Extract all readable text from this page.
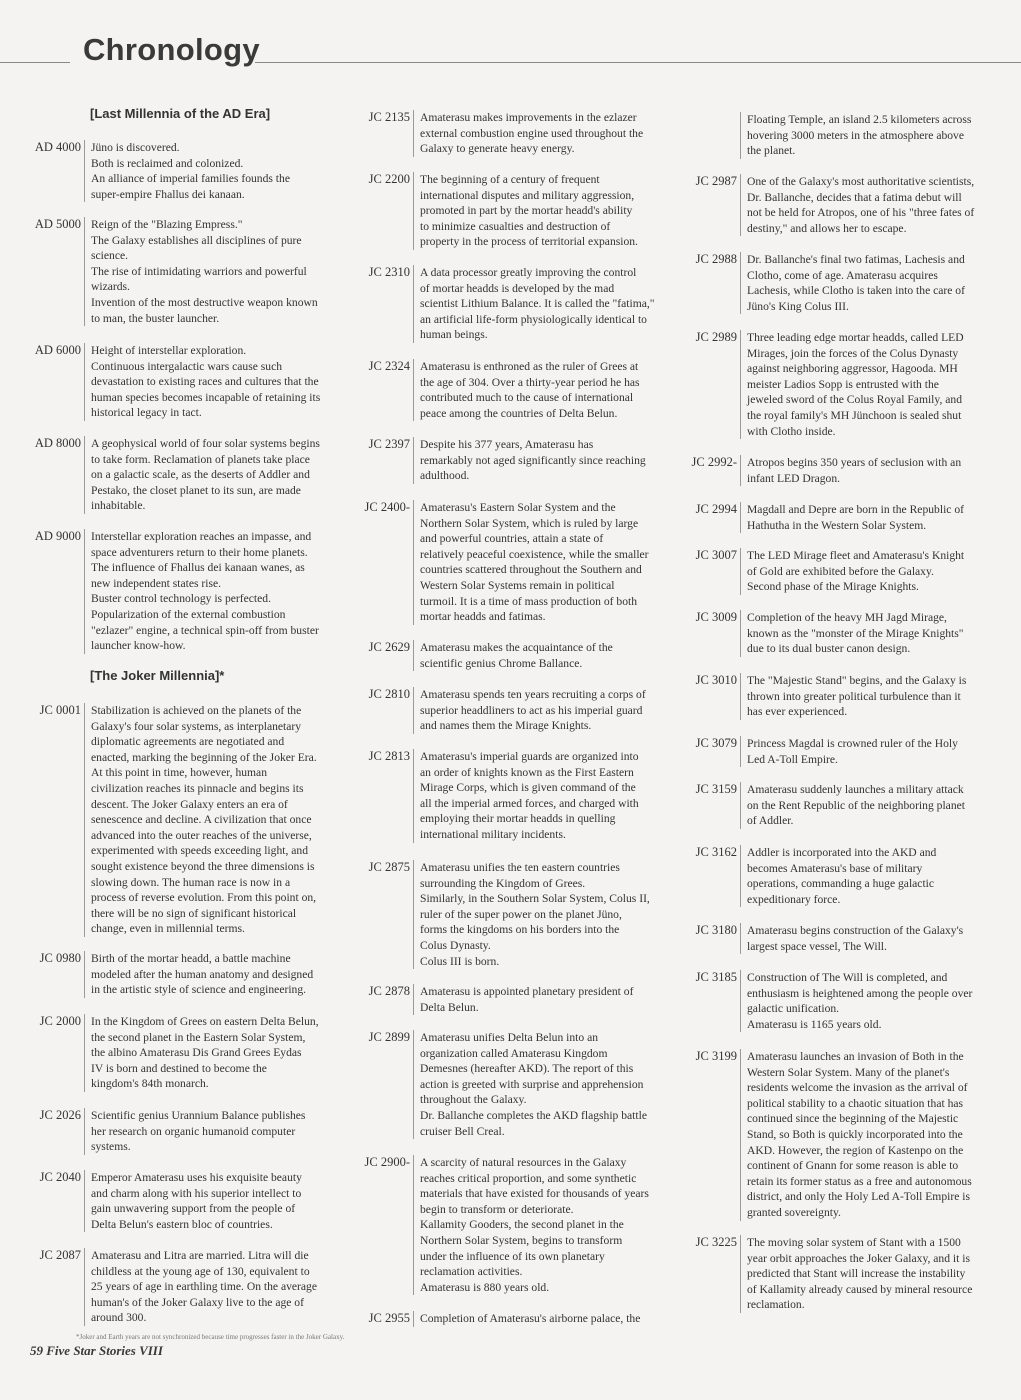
Chronology
[Last Millennia of the AD Era]
[The Joker Millennia]*
AD 4000 Jüno is discovered.
Both is reclaimed and colonized.
An alliance of imperial families founds the
super-empire Fhallus dei kanaan.
AD 5000 Reign of the "Blazing Empress."
The Galaxy establishes all disciplines of pure
science.
The rise of intimidating warriors and powerful
wizards.
Invention of the most destructive weapon known
to man, the buster launcher.
AD 6000 Height of interstellar exploration.
Continuous intergalactic wars cause such
devastation to existing races and cultures that the
human species becomes incapable of retaining its
historical legacy in tact.
AD 8000 A geophysical world of four solar systems begins
to take form. Reclamation of planets take place
on a galactic scale, as the deserts of Addler and
Pestako, the closet planet to its sun, are made
inhabitable.
AD 9000 Interstellar exploration reaches an impasse, and
space adventurers return to their home planets.
The influence of Fhallus dei kanaan wanes, as
new independent states rise.
Buster control technology is perfected.
Popularization of the external combustion
"ezlazer" engine, a technical spin-off from buster
launcher know-how.
JC 0001 Stabilization is achieved on the planets of the
Galaxy's four solar systems, as interplanetary
diplomatic agreements are negotiated and
enacted, marking the beginning of the Joker Era.
At this point in time, however, human
civilization reaches its pinnacle and begins its
descent. The Joker Galaxy enters an era of
senescence and decline. A civilization that once
advanced into the outer reaches of the universe,
experimented with speeds exceeding light, and
sought existence beyond the three dimensions is
slowing down. The human race is now in a
process of reverse evolution. From this point on,
there will be no sign of significant historical
change, even in millennial terms.
JC 0980 Birth of the mortar headd, a battle machine
modeled after the human anatomy and designed
in the artistic style of science and engineering.
JC 2000 In the Kingdom of Grees on eastern Delta Belun,
the second planet in the Eastern Solar System,
the albino Amaterasu Dis Grand Grees Eydas
IV is born and destined to become the
kingdom's 84th monarch.
JC 2026 Scientific genius Urannium Balance publishes
her research on organic humanoid computer
systems.
JC 2040 Emperor Amaterasu uses his exquisite beauty
and charm along with his superior intellect to
gain unwavering support from the people of
Delta Belun's eastern bloc of countries.
JC 2087 Amaterasu and Litra are married. Litra will die
childless at the young age of 130, equivalent to
25 years of age in earthling time. On the average
human's of the Joker Galaxy live to the age of
around 300.
JC 2135 Amaterasu makes improvements in the ezlazer
external combustion engine used throughout the
Galaxy to generate heavy energy.
JC 2200 The beginning of a century of frequent
international disputes and military aggression,
promoted in part by the mortar headd's ability
to minimize casualties and destruction of
property in the process of territorial expansion.
JC 2310 A data processor greatly improving the control
of mortar headds is developed by the mad
scientist Lithium Balance. It is called the "fatima,"
an artificial life-form physiologically identical to
human beings.
JC 2324 Amaterasu is enthroned as the ruler of Grees at
the age of 304. Over a thirty-year period he has
contributed much to the cause of international
peace among the countries of Delta Belun.
JC 2397 Despite his 377 years, Amaterasu has
remarkably not aged significantly since reaching
adulthood.
JC 2400- Amaterasu's Eastern Solar System and the
Northern Solar System, which is ruled by large
and powerful countries, attain a state of
relatively peaceful coexistence, while the smaller
countries scattered throughout the Southern and
Western Solar Systems remain in political
turmoil. It is a time of mass production of both
mortar headds and fatimas.
JC 2629 Amaterasu makes the acquaintance of the
scientific genius Chrome Ballance.
JC 2810 Amaterasu spends ten years recruiting a corps of
superior headdliners to act as his imperial guard
and names them the Mirage Knights.
JC 2813 Amaterasu's imperial guards are organized into
an order of knights known as the First Eastern
Mirage Corps, which is given command of the
all the imperial armed forces, and charged with
employing their mortar headds in quelling
international military incidents.
JC 2875 Amaterasu unifies the ten eastern countries
surrounding the Kingdom of Grees.
Similarly, in the Southern Solar System, Colus II,
ruler of the super power on the planet Jüno,
forms the kingdoms on his borders into the
Colus Dynasty.
Colus III is born.
JC 2878 Amaterasu is appointed planetary president of
Delta Belun.
JC 2899 Amaterasu unifies Delta Belun into an
organization called Amaterasu Kingdom
Demesnes (hereafter AKD). The report of this
action is greeted with surprise and apprehension
throughout the Galaxy.
Dr. Ballanche completes the AKD flagship battle
cruiser Bell Creal.
JC 2900- A scarcity of natural resources in the Galaxy
reaches critical proportion, and some synthetic
materials that have existed for thousands of years
begin to transform or deteriorate.
Kallamity Gooders, the second planet in the
Northern Solar System, begins to transform
under the influence of its own planetary
reclamation activities.
Amaterasu is 880 years old.
JC 2955 Completion of Amaterasu's airborne palace, the
Floating Temple, an island 2.5 kilometers across
hovering 3000 meters in the atmosphere above
the planet.
JC 2987 One of the Galaxy's most authoritative scientists,
Dr. Ballanche, decides that a fatima debut will
not be held for Atropos, one of his "three fates of
destiny," and allows her to escape.
JC 2988 Dr. Ballanche's final two fatimas, Lachesis and
Clotho, come of age. Amaterasu acquires
Lachesis, while Clotho is taken into the care of
Jüno's King Colus III.
JC 2989 Three leading edge mortar headds, called LED
Mirages, join the forces of the Colus Dynasty
against neighboring aggressor, Hagooda. MH
meister Ladios Sopp is entrusted with the
jeweled sword of the Colus Royal Family, and
the royal family's MH Jünchoon is sealed shut
with Clotho inside.
JC 2992- Atropos begins 350 years of seclusion with an
infant LED Dragon.
JC 2994 Magdall and Depre are born in the Republic of
Hathutha in the Western Solar System.
JC 3007 The LED Mirage fleet and Amaterasu's Knight
of Gold are exhibited before the Galaxy.
Second phase of the Mirage Knights.
JC 3009 Completion of the heavy MH Jagd Mirage,
known as the "monster of the Mirage Knights"
due to its dual buster canon design.
JC 3010 The "Majestic Stand" begins, and the Galaxy is
thrown into greater political turbulence than it
has ever experienced.
JC 3079 Princess Magdal is crowned ruler of the Holy
Led A-Toll Empire.
JC 3159 Amaterasu suddenly launches a military attack
on the Rent Republic of the neighboring planet
of Addler.
JC 3162 Addler is incorporated into the AKD and
becomes Amaterasu's base of military
operations, commanding a huge galactic
expeditionary force.
JC 3180 Amaterasu begins construction of the Galaxy's
largest space vessel, The Will.
JC 3185 Construction of The Will is completed, and
enthusiasm is heightened among the people over
galactic unification.
Amaterasu is 1165 years old.
JC 3199 Amaterasu launches an invasion of Both in the
Western Solar System. Many of the planet's
residents welcome the invasion as the arrival of
political stability to a chaotic situation that has
continued since the beginning of the Majestic
Stand, so Both is quickly incorporated into the
AKD. However, the region of Kastenpo on the
continent of Gnann for some reason is able to
retain its former status as a free and autonomous
district, and only the Holy Led A-Toll Empire is
granted sovereignty.
JC 3225 The moving solar system of Stant with a 1500
year orbit approaches the Joker Galaxy, and it is
predicted that Stant will increase the instability
of Kallamity already caused by mineral resource
reclamation.
*Joker and Earth years are not synchronized because time progresses faster in the Joker Galaxy.
59 Five Star Stories VIII
